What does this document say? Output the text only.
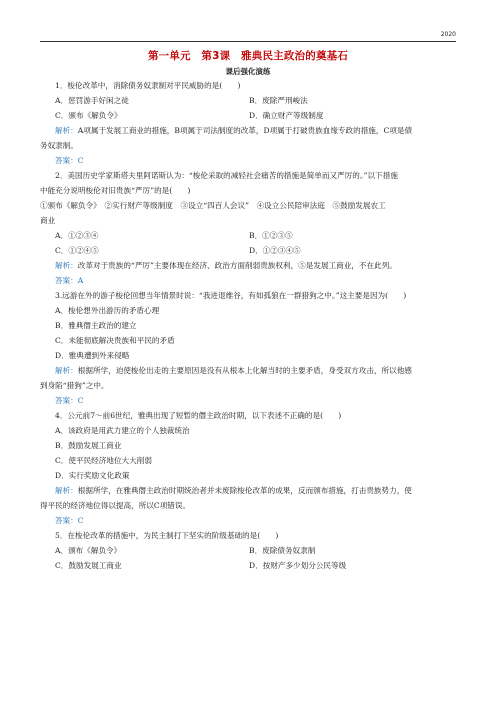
2020
第一单元　第3课　雅典民主政治的奠基石
课后强化演练
1．梭伦改革中，消除债务奴隶制对平民威胁的是(　　)
A．惩罚游手好闲之徒	B．废除严刑峻法
C．颁布《解负令》	D．确立财产等级制度
解析：A项属于发展工商业的措施，B项属于司法制度的改革，D项属于打破贵族血缘专政的措施，C项是债
务奴隶制。
答案：C
2．美国历史学家斯塔夫里阿诺斯认为：“梭伦采取的减轻社会痛苦的措施是简单而又严厉的。”以下措施
中能充分说明梭伦对旧贵族“严厉”的是(　　)
①颁布《解负令》　②实行财产等级制度　③设立“四百人会议”　④设立公民陪审法庭　⑤鼓励发展农工
商业
A．①②③④	B．①②③⑤
C．①②④⑤	D．①②③④⑤
解析：改革对于贵族的“严厉”主要体现在经济、政治方面削弱贵族权利，⑤是发展工商业，不在此列。
答案：A
3.远游在外的游子梭伦回想当年情景时说：“我进退维谷，有如孤狼在一群猎狗之中。”这主要是因为(　　)
A．梭伦想外出游历的矛盾心理
B．雅典僭主政治的建立
C．未能彻底解决贵族和平民的矛盾
D．雅典遭到外来侵略
解析：根据所学，迫使梭伦出走的主要原因是没有从根本上化解当时的主要矛盾，身受双方攻击，所以他感
到身陷“猎狗”之中。
答案：C
4．公元前7～前6世纪，雅典出现了短暂的僭主政治时期，以下表述不正确的是(　　)
A．该政府是用武力建立的个人独裁统治
B．鼓励发展工商业
C．使平民经济地位大大削弱
D．实行奖励文化政策
解析：根据所学，在雅典僭主政治时期统治者并未废除梭伦改革的成果，反而颁布措施，打击贵族势力，使
得平民的经济地位得以提高，所以C项错误。
答案：C
5．在梭伦改革的措施中，为民主制打下坚实的阶级基础的是(　　)
A．颁布《解负令》	B．废除债务奴隶制
C．鼓励发展工商业	D．按财产多少划分公民等级
